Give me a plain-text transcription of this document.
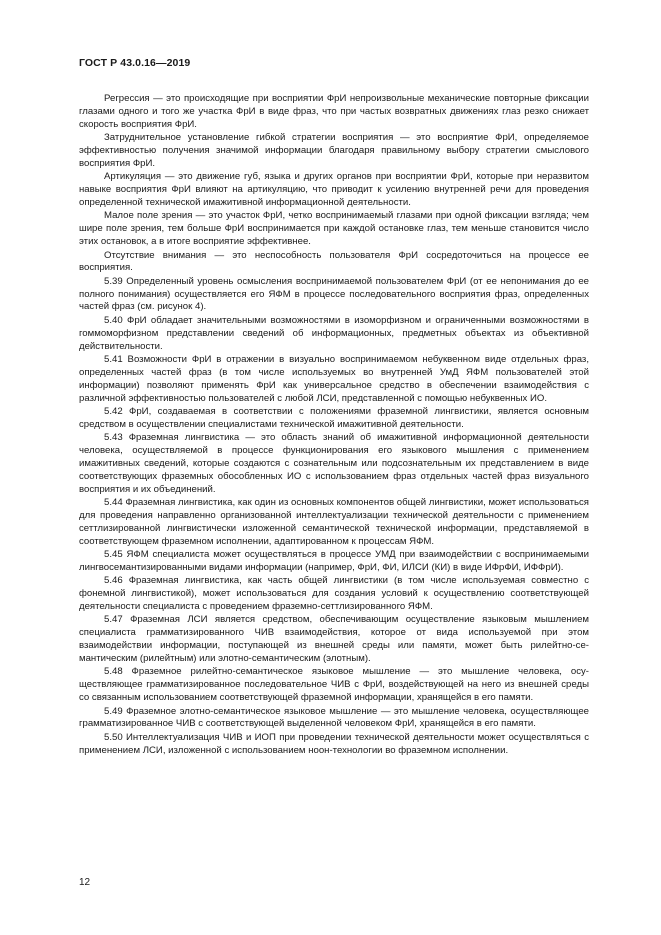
ГОСТ Р 43.0.16—2019

Регрессия — это происходящие при восприятии ФрИ непроизвольные механические повторные фиксации глазами одного и того же участка ФрИ в виде фраз, что при частых возвратных движениях глаз резко снижает скорость восприятия ФрИ.

Затруднительное установление гибкой стратегии восприятия — это восприятие ФрИ, определяемое эффективностью получения значимой информации благодаря правильному выбору стратегии смыслового восприятия ФрИ.

Артикуляция — это движение губ, языка и других органов при восприятии ФрИ, которые при неразвитом навыке восприятия ФрИ влияют на артикуляцию, что приводит к усилению внутренней речи для проведения определенной технической имажитивной информационной деятельности.

Малое поле зрения — это участок ФрИ, четко воспринимаемый глазами при одной фиксации взгляда; чем шире поле зрения, тем больше ФрИ воспринимается при каждой остановке глаз, тем меньше становится число этих остановок, а в итоге восприятие эффективнее.

Отсутствие внимания — это неспособность пользователя ФрИ сосредоточиться на процессе ее восприятия.

5.39 Определенный уровень осмысления воспринимаемой пользователем ФрИ (от ее непонимания до ее полного понимания) осуществляется его ЯФМ в процессе последовательного восприятия фраз, определенных частей фраз (см. рисунок 4).

5.40 ФрИ обладает значительными возможностями в изоморфизном и ограниченными возможностями в гоммоморфизном представлении сведений об информационных, предметных объектах из объективной действительности.

5.41 Возможности ФрИ в отражении в визуально воспринимаемом небуквенном виде отдельных фраз, определенных частей фраз (в том числе используемых во внутренней УмД ЯФМ пользователей этой информации) позволяют применять ФрИ как универсальное средство в обеспечении взаимодействия с различной эффективностью пользователей с любой ЛСИ, представленной с помощью небуквенных ИО.

5.42 ФрИ, создаваемая в соответствии с положениями фраземной лингвистики, является основным средством в осуществлении специалистами технической имажитивной деятельности.

5.43 Фраземная лингвистика — это область знаний об имажитивной информационной деятельности человека, осуществляемой в процессе функционирования его языкового мышления с применением имажитивных сведений, которые создаются с сознательным или подсознательным их представлением в виде соответствующих фраземных обособленных ИО с использованием фраз отдельных частей фраз визуального восприятия и их объединений.

5.44 Фраземная лингвистика, как один из основных компонентов общей лингвистики, может использоваться для проведения направленно организованной интеллектуализации технической деятельности с применением сеттлизированной лингвистически изложенной семантической технической информации, представляемой в соответствующем фраземном исполнении, адаптированном к процессам ЯФМ.

5.45 ЯФМ специалиста может осуществляться в процессе УМД при взаимодействии с воспринимаемыми лингвосемантизированными видами информации (например, ФрИ, ФИ, ИЛСИ (КИ) в виде ИФрФИ, ИФФрИ).

5.46 Фраземная лингвистика, как часть общей лингвистики (в том числе используемая совместно с фонемной лингвистикой), может использоваться для создания условий к осуществлению соответствующей деятельности специалиста с проведением фраземно-сеттлизированного ЯФМ.

5.47 Фраземная ЛСИ является средством, обеспечивающим осуществление языковым мышлением специалиста грамматизированного ЧИВ взаимодействия, которое от вида используемой при этом взаимодействии информации, поступающей из внешней среды или памяти, может быть рилейтно-семантическим (рилейтным) или элотно-семантическим (элотным).

5.48 Фраземное рилейтно-семантическое языковое мышление — это мышление человека, осуществляющее грамматизированное последовательное ЧИВ с ФрИ, воздействующей на него из внешней среды со связанным использованием соответствующей фраземной информации, хранящейся в его памяти.

5.49 Фраземное элотно-семантическое языковое мышление — это мышление человека, осуществляющее грамматизированное ЧИВ с соответствующей выделенной человеком ФрИ, хранящейся в его памяти.

5.50 Интеллектуализация ЧИВ и ИОП при проведении технической деятельности может осуществляться с применением ЛСИ, изложенной с использованием ноон-технологии во фраземном исполнении.

12
